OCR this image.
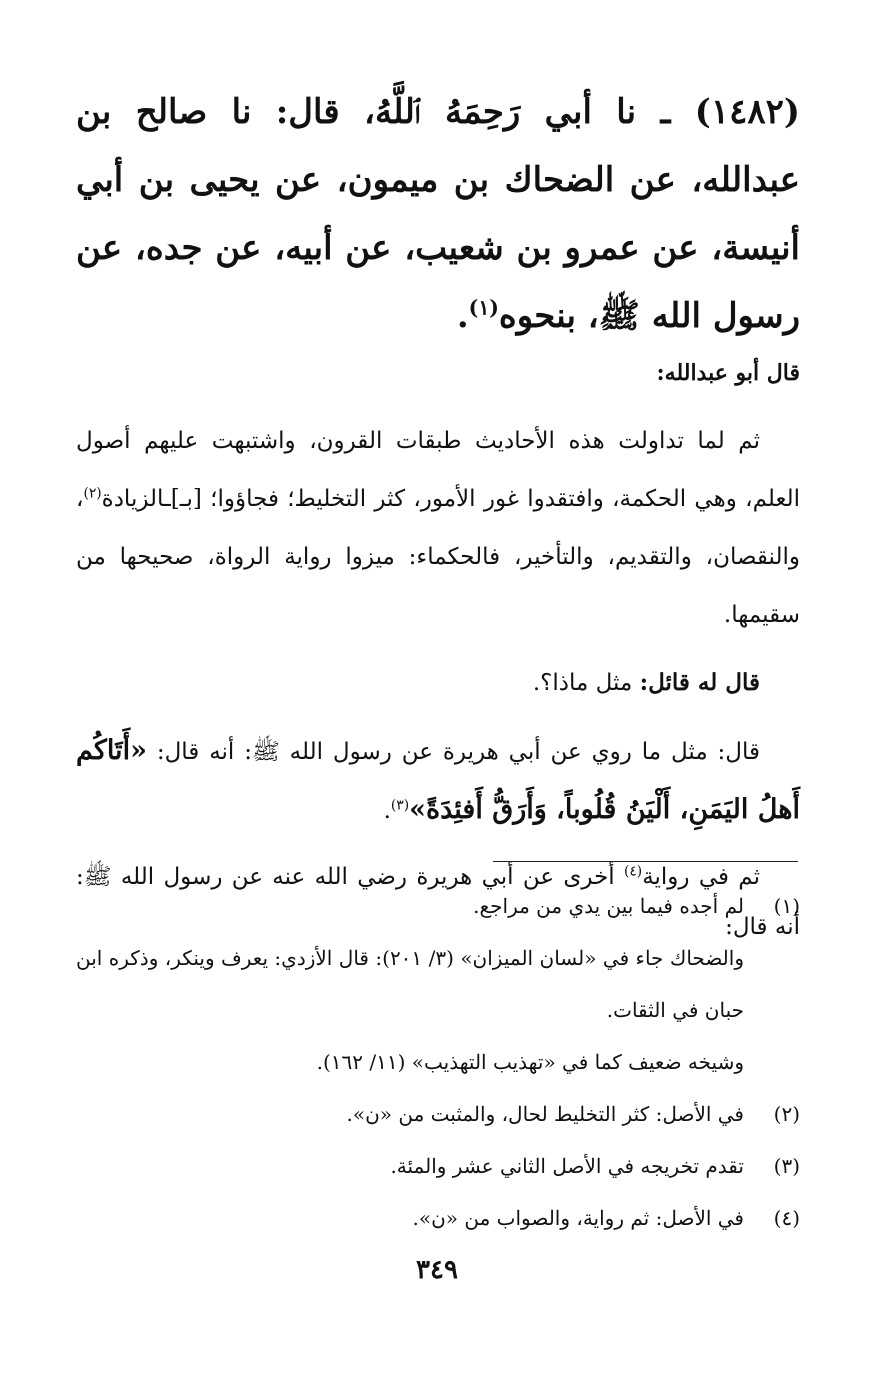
(١٤٨٢) ـ نا أبي رَحِمَهُ ٱللَّهُ، قال: نا صالح بن عبدالله، عن الضحاك بن ميمون، عن يحيى بن أبي أنيسة، عن عمرو بن شعيب، عن أبيه، عن جده، عن رسول الله ﷺ، بنحوه$^{(١)}$.

قال أبو عبدالله:

ثم لما تداولت هذه الأحاديث طبقات القرون، واشتبهت عليهم أصول العلم، وهي الحكمة، وافتقدوا غور الأمور، كثر التخليط؛ فجاؤوا؛ [بـ]ـالزيادة$^{(٢)}$، والنقصان، والتقديم، والتأخير، فالحكماء: ميزوا رواية الرواة، صحيحها من سقيمها.

قال له قائل: مثل ماذا؟.

قال: مثل ما روي عن أبي هريرة عن رسول الله ﷺ: أنه قال: «أَتَاكُم أَهلُ اليَمَنِ، أَلْيَنُ قُلُوباً، وَأَرَقُّ أَفئِدَةً»$^{(٣)}$.

ثم في رواية$^{(٤)}$ أخرى عن أبي هريرة رضي الله عنه عن رسول الله ﷺ: أنه قال:

(١)
لم أجده فيما بين يدي من مراجع.
والضحاك جاء في «لسان الميزان» (٣/ ٢٠١): قال الأزدي: يعرف وينكر، وذكره ابن حبان في الثقات.
وشيخه ضعيف كما في «تهذيب التهذيب» (١١/ ١٦٢).
(٢)
في الأصل: كثر التخليط لحال، والمثبت من «ن».
(٣)
تقدم تخريجه في الأصل الثاني عشر والمئة.
(٤)
في الأصل: ثم رواية، والصواب من «ن».
٣٤٩
